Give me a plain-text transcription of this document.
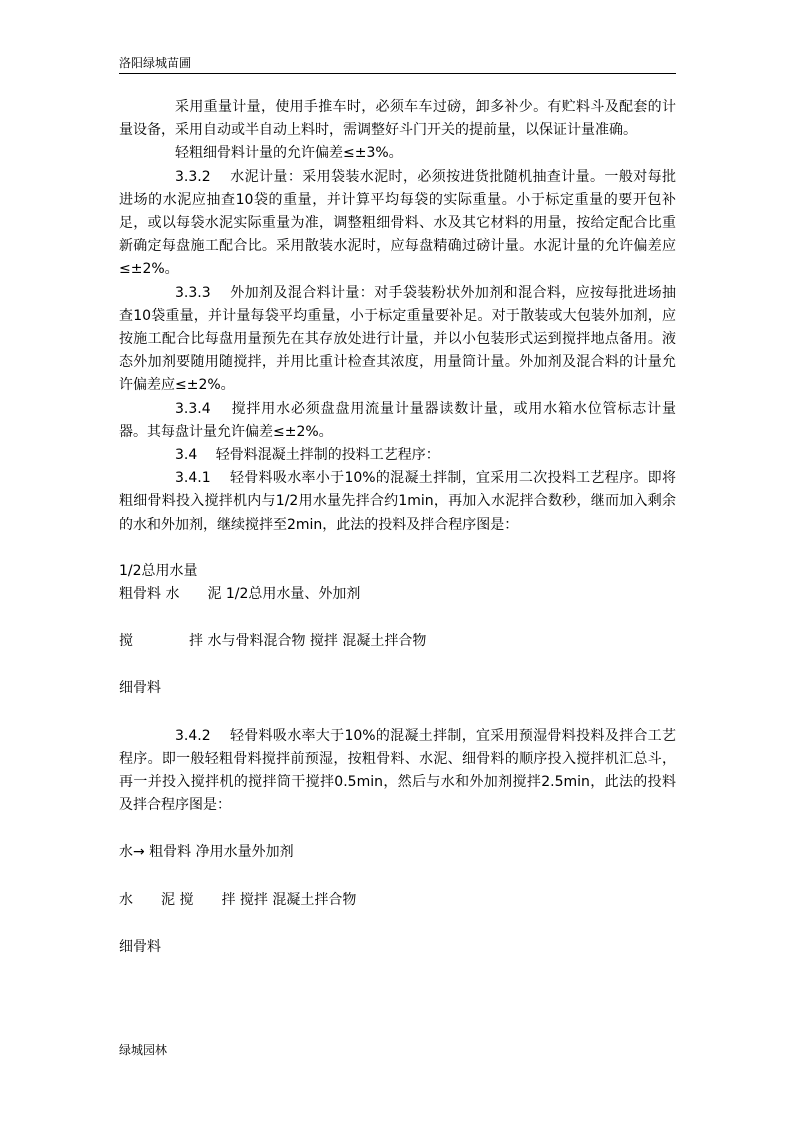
洛阳绿城苗圃

采用重量计量，使用手推车时，必须车车过磅，卸多补少。有贮料斗及配套的计量设备，采用自动或半自动上料时，需调整好斗门开关的提前量，以保证计量准确。

轻粗细骨料计量的允许偏差≤±3%。

3.3.2　 水泥计量：采用袋装水泥时，必须按进货批随机抽查计量。一般对每批进场的水泥应抽查10袋的重量，并计算平均每袋的实际重量。小于标定重量的要开包补足，或以每袋水泥实际重量为准，调整粗细骨料、水及其它材料的用量，按给定配合比重新确定每盘施工配合比。采用散装水泥时，应每盘精确过磅计量。水泥计量的允许偏差应≤±2%。

3.3.3　 外加剂及混合料计量：对手袋装粉状外加剂和混合料，应按每批进场抽查10袋重量，并计量每袋平均重量，小于标定重量要补足。对于散装或大包装外加剂，应按施工配合比每盘用量预先在其存放处进行计量，并以小包装形式运到搅拌地点备用。液态外加剂要随用随搅拌，并用比重计检查其浓度，用量筒计量。外加剂及混合料的计量允许偏差应≤±2%。

3.3.4　 搅拌用水必须盘盘用流量计量器读数计量，或用水箱水位管标志计量器。其每盘计量允许偏差≤±2%。

3.4　 轻骨料混凝土拌制的投料工艺程序：

3.4.1　 轻骨料吸水率小于10%的混凝土拌制，宜采用二次投料工艺程序。即将粗细骨料投入搅拌机内与1/2用水量先拌合约1min，再加入水泥拌合数秒，继而加入剩余的水和外加剂，继续搅拌至2min，此法的投料及拌合程序图是：

1/2总用水量

粗骨料 水　　泥 1/2总用水量、外加剂

搅　　　　拌 水与骨料混合物 搅拌 混凝土拌合物

细骨料

3.4.2　 轻骨料吸水率大于10%的混凝土拌制，宜采用预湿骨料投料及拌合工艺程序。即一般轻粗骨料搅拌前预湿，按粗骨料、水泥、细骨料的顺序投入搅拌机汇总斗，再一并投入搅拌机的搅拌筒干搅拌0.5min，然后与水和外加剂搅拌2.5min，此法的投料及拌合程序图是：

水→ 粗骨料 净用水量外加剂

水　　泥 搅　　拌 搅拌 混凝土拌合物

细骨料

绿城园林
